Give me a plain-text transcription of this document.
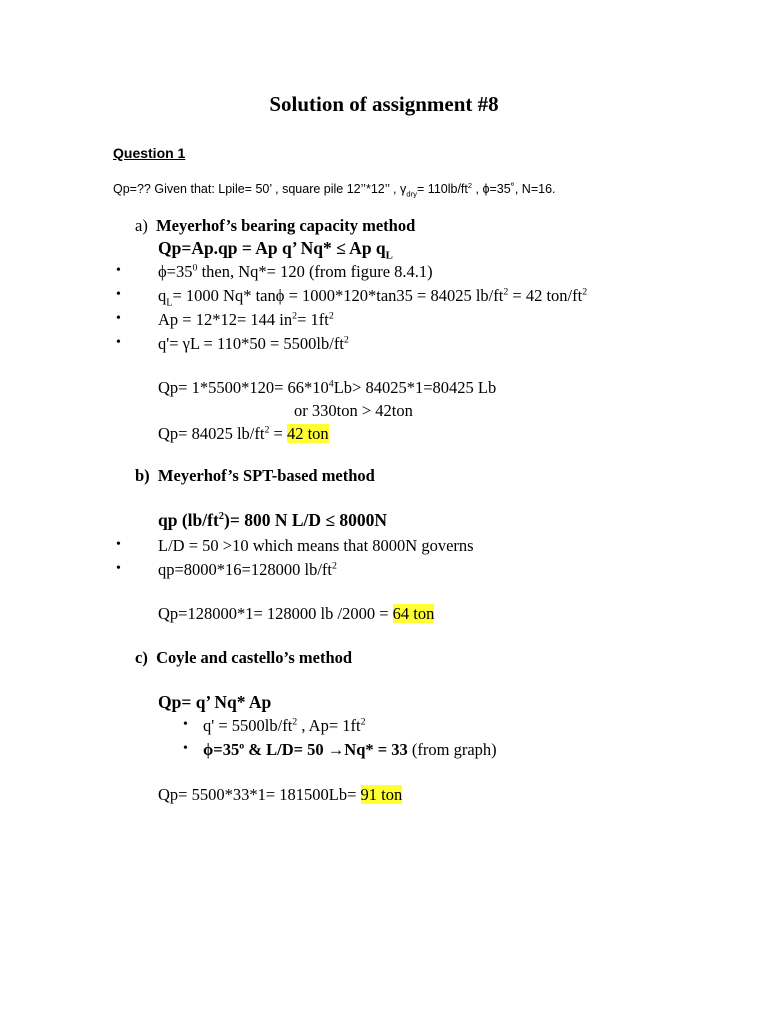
Solution of assignment #8
Question 1
Qp=?? Given that: Lpile= 50’ , square pile 12’’*12’’ , $\gamma_{dry}= 110lb/ft^2$ , ϕ=35˚, N=16.
a) Meyerhof’s bearing capacity method
Qp=Ap.qp = Ap q’ Nq* ≤ Ap $q_L$
• $\phi=35^0$ then, Nq*= 120 (from figure 8.4.1)
• $q_L= 1000$ Nq* tanϕ = 1000*120*tan35 = 84025 $lb/ft^2 = 42$ ton/$ft^2$
• Ap = 12*12= 144 $in^2= 1ft^2$
• $q'= \gamma L = 110*50 = 5500lb/ft^2$
$Qp= 1*5500*120= 66*10^4Lb> 84025*1=80425$ Lb
or 330ton > 42ton
Qp= 84025 $lb/ft^2 = 42$ ton
b) Meyerhof’s SPT-based method
qp $(lb/ft^2)= 800$ N L/D ≤ 8000N
• L/D = 50 >10 which means that 8000N governs
• qp=8000*16=128000 $lb/ft^2$
Qp=128000*1= 128000 lb /2000 = 64 ton
c) Coyle and castello’s method
Qp= q’ Nq* Ap
• $q' = 5500lb/ft^2$ , $Ap= 1ft^2$
• $\phi=35^o$ & L/D= 50 →Nq* = 33 (from graph)
Qp= 5500*33*1= 181500Lb= 91 ton
